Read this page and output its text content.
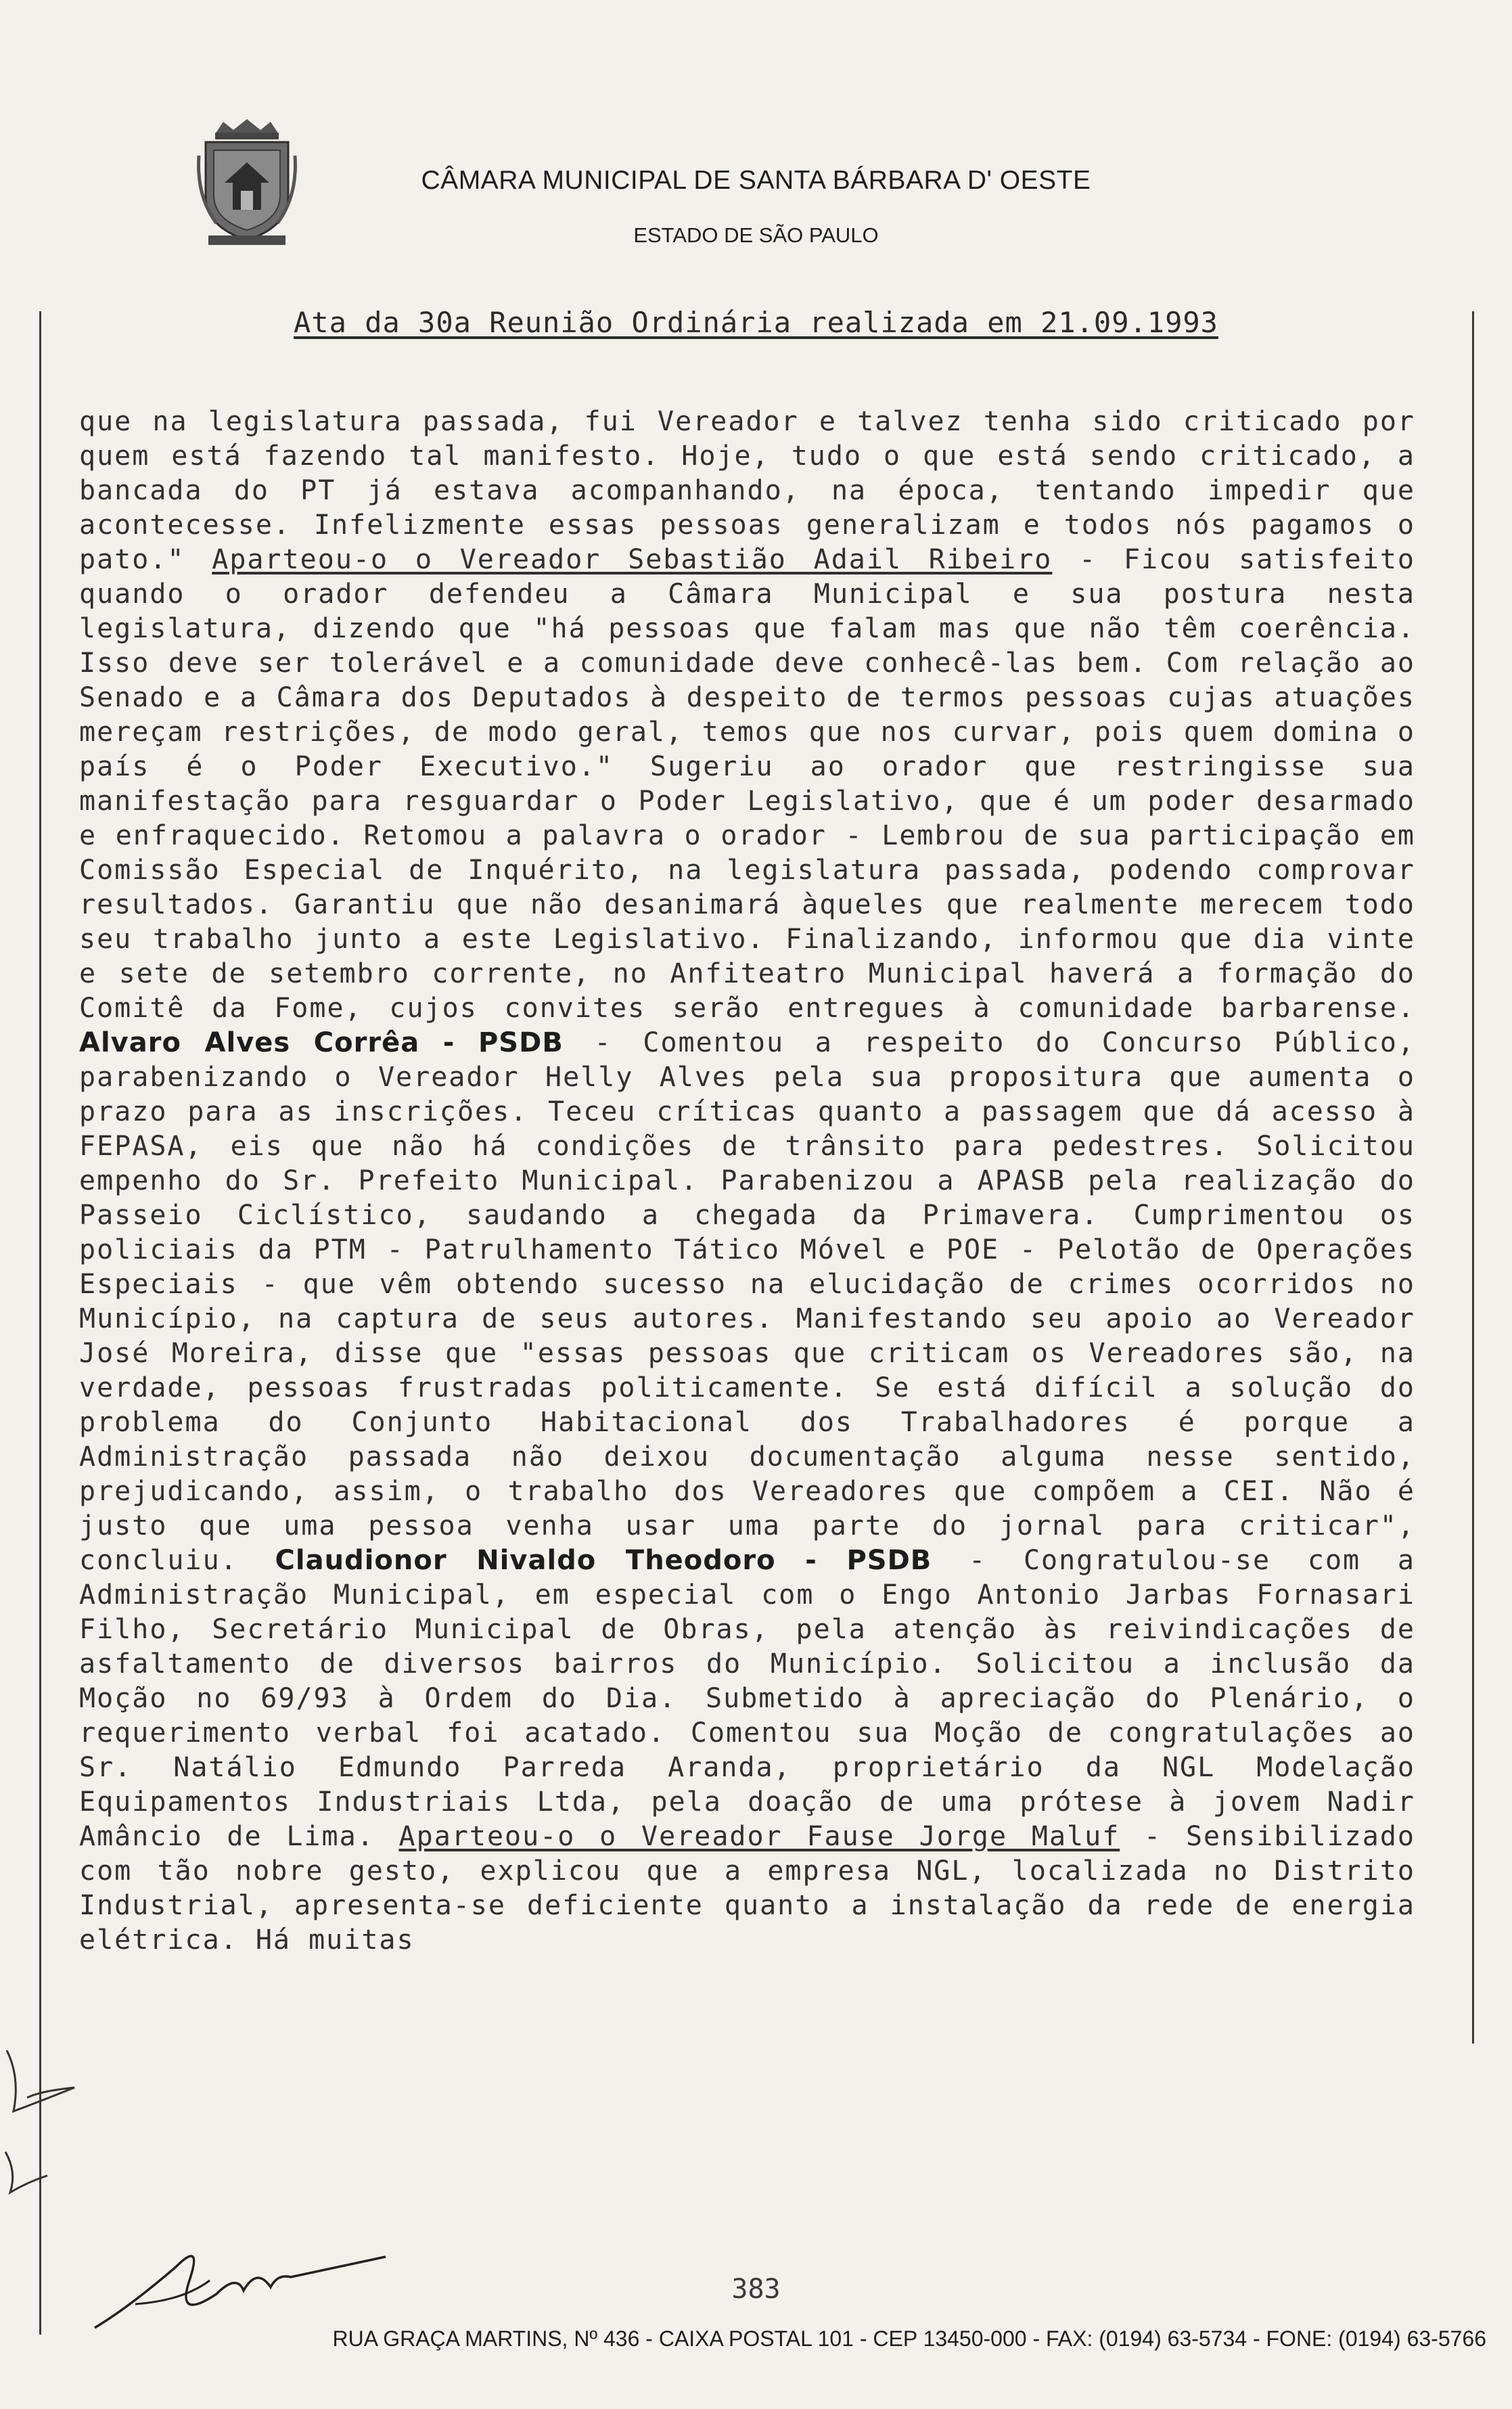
CÂMARA MUNICIPAL DE SANTA BÁRBARA D' OESTE
ESTADO DE SÃO PAULO
Ata da 30a Reunião Ordinária realizada em 21.09.1993

que na legislatura passada, fui Vereador e talvez tenha sido criticado por quem está fazendo tal manifesto. Hoje, tudo o que está sendo criticado, a bancada do PT já estava acompanhando, na época, tentando impedir que acontecesse. Infelizmente essas pessoas generalizam e todos nós pagamos o pato." Aparteou-o o Vereador Sebastião Adail Ribeiro - Ficou satisfeito quando o orador defendeu a Câmara Municipal e sua postura nesta legislatura, dizendo que "há pessoas que falam mas que não têm coerência. Isso deve ser tolerável e a comunidade deve conhecê-las bem. Com relação ao Senado e a Câmara dos Deputados à despeito de termos pessoas cujas atuações mereçam restrições, de modo geral, temos que nos curvar, pois quem domina o país é o Poder Executivo." Sugeriu ao orador que restringisse sua manifestação para resguardar o Poder Legislativo, que é um poder desarmado e enfraquecido. Retomou a palavra o orador - Lembrou de sua participação em Comissão Especial de Inquérito, na legislatura passada, podendo comprovar resultados. Garantiu que não desanimará àqueles que realmente merecem todo seu trabalho junto a este Legislativo. Finalizando, informou que dia vinte e sete de setembro corrente, no Anfiteatro Municipal haverá a formação do Comitê da Fome, cujos convites serão entregues à comunidade barbarense. Alvaro Alves Corrêa - PSDB - Comentou a respeito do Concurso Público, parabenizando o Vereador Helly Alves pela sua propositura que aumenta o prazo para as inscrições. Teceu críticas quanto a passagem que dá acesso à FEPASA, eis que não há condições de trânsito para pedestres. Solicitou empenho do Sr. Prefeito Municipal. Parabenizou a APASB pela realização do Passeio Ciclístico, saudando a chegada da Primavera. Cumprimentou os policiais da PTM - Patrulhamento Tático Móvel e POE - Pelotão de Operações Especiais - que vêm obtendo sucesso na elucidação de crimes ocorridos no Município, na captura de seus autores. Manifestando seu apoio ao Vereador José Moreira, disse que "essas pessoas que criticam os Vereadores são, na verdade, pessoas frustradas politicamente. Se está difícil a solução do problema do Conjunto Habitacional dos Trabalhadores é porque a Administração passada não deixou documentação alguma nesse sentido, prejudicando, assim, o trabalho dos Vereadores que compõem a CEI. Não é justo que uma pessoa venha usar uma parte do jornal para criticar", concluiu. Claudionor Nivaldo Theodoro - PSDB - Congratulou-se com a Administração Municipal, em especial com o Engo Antonio Jarbas Fornasari Filho, Secretário Municipal de Obras, pela atenção às reivindicações de asfaltamento de diversos bairros do Município. Solicitou a inclusão da Moção no 69/93 à Ordem do Dia. Submetido à apreciação do Plenário, o requerimento verbal foi acatado. Comentou sua Moção de congratulações ao Sr. Natálio Edmundo Parreda Aranda, proprietário da NGL Modelação Equipamentos Industriais Ltda, pela doação de uma prótese à jovem Nadir Amâncio de Lima. Aparteou-o o Vereador Fause Jorge Maluf - Sensibilizado com tão nobre gesto, explicou que a empresa NGL, localizada no Distrito Industrial, apresenta-se deficiente quanto a instalação da rede de energia elétrica. Há muitas

383
RUA GRAÇA MARTINS, Nº 436 - CAIXA POSTAL 101 - CEP 13450-000 - FAX: (0194) 63-5734 - FONE: (0194) 63-5766
